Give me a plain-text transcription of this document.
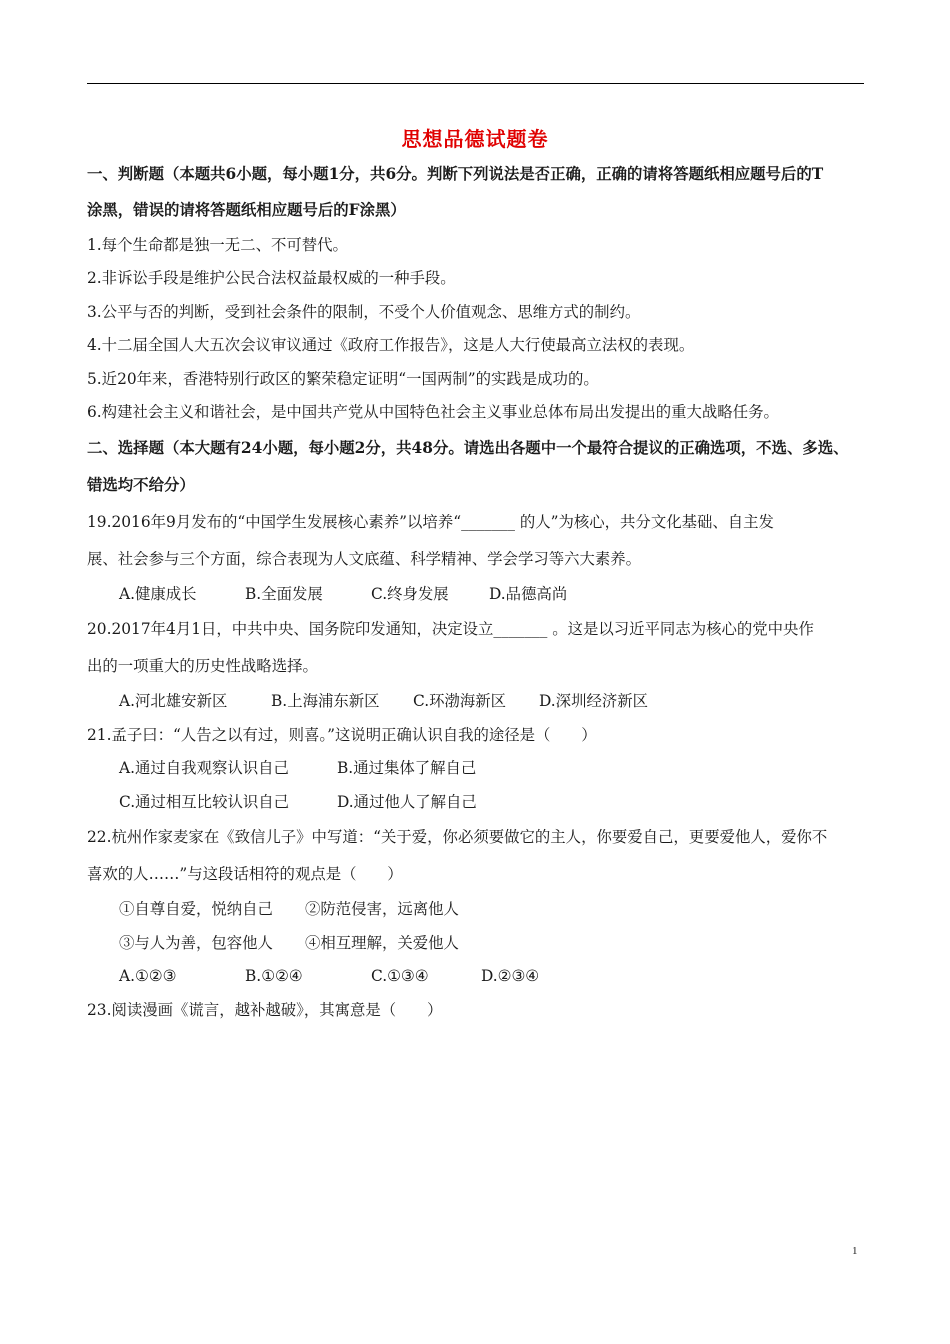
思想品德试题卷
一、判断题（本题共6小题，每小题1分，共6分。判断下列说法是否正确，正确的请将答题纸相应题号后的T
涂黑，错误的请将答题纸相应题号后的F涂黑）
1.每个生命都是独一无二、不可替代。
2.非诉讼手段是维护公民合法权益最权威的一种手段。
3.公平与否的判断，受到社会条件的限制，不受个人价值观念、思维方式的制约。
4.十二届全国人大五次会议审议通过《政府工作报告》，这是人大行使最高立法权的表现。
5.近20年来，香港特别行政区的繁荣稳定证明“一国两制”的实践是成功的。
6.构建社会主义和谐社会，是中国共产党从中国特色社会主义事业总体布局出发提出的重大战略任务。
二、选择题（本大题有24小题，每小题2分，共48分。请选出各题中一个最符合提议的正确选项，不选、多选、
错选均不给分）
19.2016年9月发布的“中国学生发展核心素养”以培养“_______ 的人”为核心，共分文化基础、自主发
展、社会参与三个方面，综合表现为人文底蕴、科学精神、学会学习等六大素养。
A.健康成长	B.全面发展	C.终身发展	D.品德高尚
20.2017年4月1日，中共中央、国务院印发通知，决定设立_______ 。这是以习近平同志为核心的党中央作
出的一项重大的历史性战略选择。
A.河北雄安新区	B.上海浦东新区 C.环渤海新区 D.深圳经济新区
21.孟子曰：“人告之以有过，则喜。”这说明正确认识自我的途径是（　　）
A.通过自我观察认识自己	B.通过集体了解自己
C.通过相互比较认识自己	D.通过他人了解自己
22.杭州作家麦家在《致信儿子》中写道：“关于爱，你必须要做它的主人，你要爱自己，更要爱他人，爱你不
喜欢的人……”与这段话相符的观点是（　　）
①自尊自爱，悦纳自己 ②防范侵害，远离他人
③与人为善，包容他人 ④相互理解，关爱他人
A.①②③	B.①②④	C.①③④	D.②③④
23.阅读漫画《谎言，越补越破》，其寓意是（　　）
1
